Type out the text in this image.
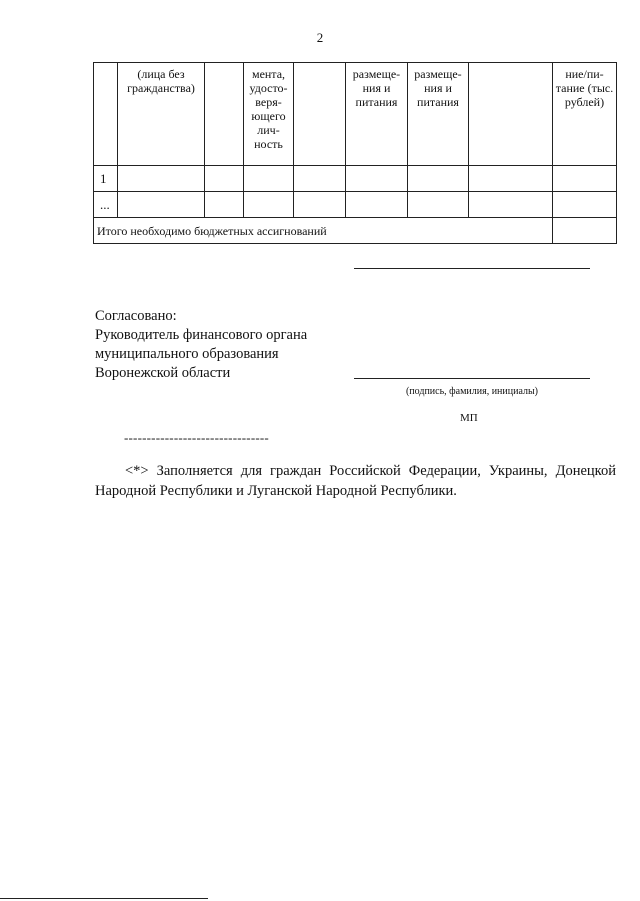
2
	(лица без гражданства)		мента, удосто-веря-ющего лич-ность		размеще-ния и питания	размеще-ния и питания		ние/пи-тание (тыс. рублей)
1								
...								
Итого необходимо бюджетных ассигнований								
Согласовано:
Руководитель финансового органа
муниципального образования
Воронежской области
(подпись, фамилия, инициалы)
МП
--------------------------------
<*> Заполняется для граждан Российской Федерации, Украины, Донецкой Народной Республики и Луганской Народной Республики.
